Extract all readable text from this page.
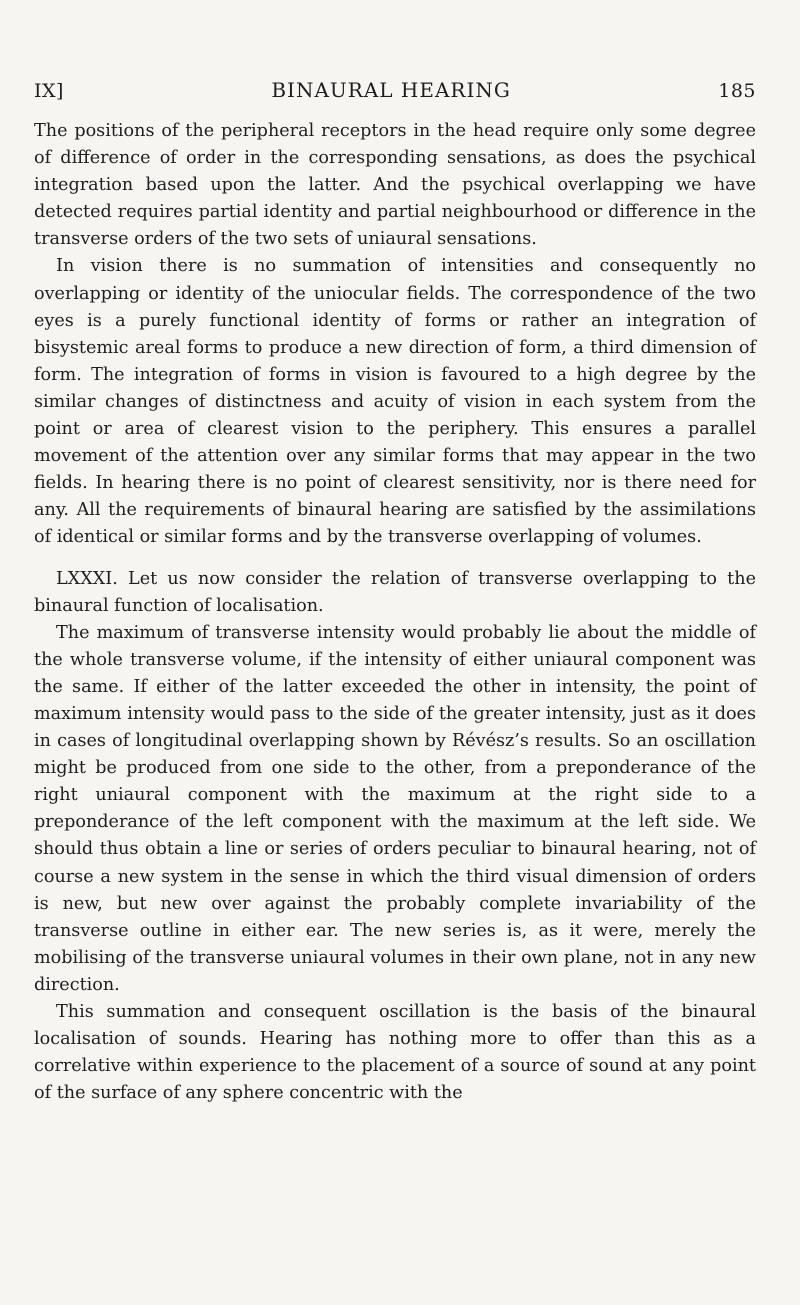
IX]	BINAURAL HEARING	185

The positions of the peripheral receptors in the head require only some degree of difference of order in the corresponding sensations, as does the psychical integration based upon the latter. And the psychical overlapping we have detected requires partial identity and partial neighbourhood or difference in the transverse orders of the two sets of uniaural sensations.

In vision there is no summation of intensities and consequently no overlapping or identity of the uniocular fields. The correspondence of the two eyes is a purely functional identity of forms or rather an integration of bisystemic areal forms to produce a new direction of form, a third dimension of form. The integration of forms in vision is favoured to a high degree by the similar changes of distinctness and acuity of vision in each system from the point or area of clearest vision to the periphery. This ensures a parallel movement of the attention over any similar forms that may appear in the two fields. In hearing there is no point of clearest sensitivity, nor is there need for any. All the requirements of binaural hearing are satisfied by the assimilations of identical or similar forms and by the transverse overlapping of volumes.

LXXXI. Let us now consider the relation of transverse overlapping to the binaural function of localisation.

The maximum of transverse intensity would probably lie about the middle of the whole transverse volume, if the intensity of either uniaural component was the same. If either of the latter exceeded the other in intensity, the point of maximum intensity would pass to the side of the greater intensity, just as it does in cases of longitudinal overlapping shown by Révész’s results. So an oscillation might be produced from one side to the other, from a preponderance of the right uniaural component with the maximum at the right side to a preponderance of the left component with the maximum at the left side. We should thus obtain a line or series of orders peculiar to binaural hearing, not of course a new system in the sense in which the third visual dimension of orders is new, but new over against the probably complete invariability of the transverse outline in either ear. The new series is, as it were, merely the mobilising of the transverse uniaural volumes in their own plane, not in any new direction.

This summation and consequent oscillation is the basis of the binaural localisation of sounds. Hearing has nothing more to offer than this as a correlative within experience to the placement of a source of sound at any point of the surface of any sphere concentric with the
